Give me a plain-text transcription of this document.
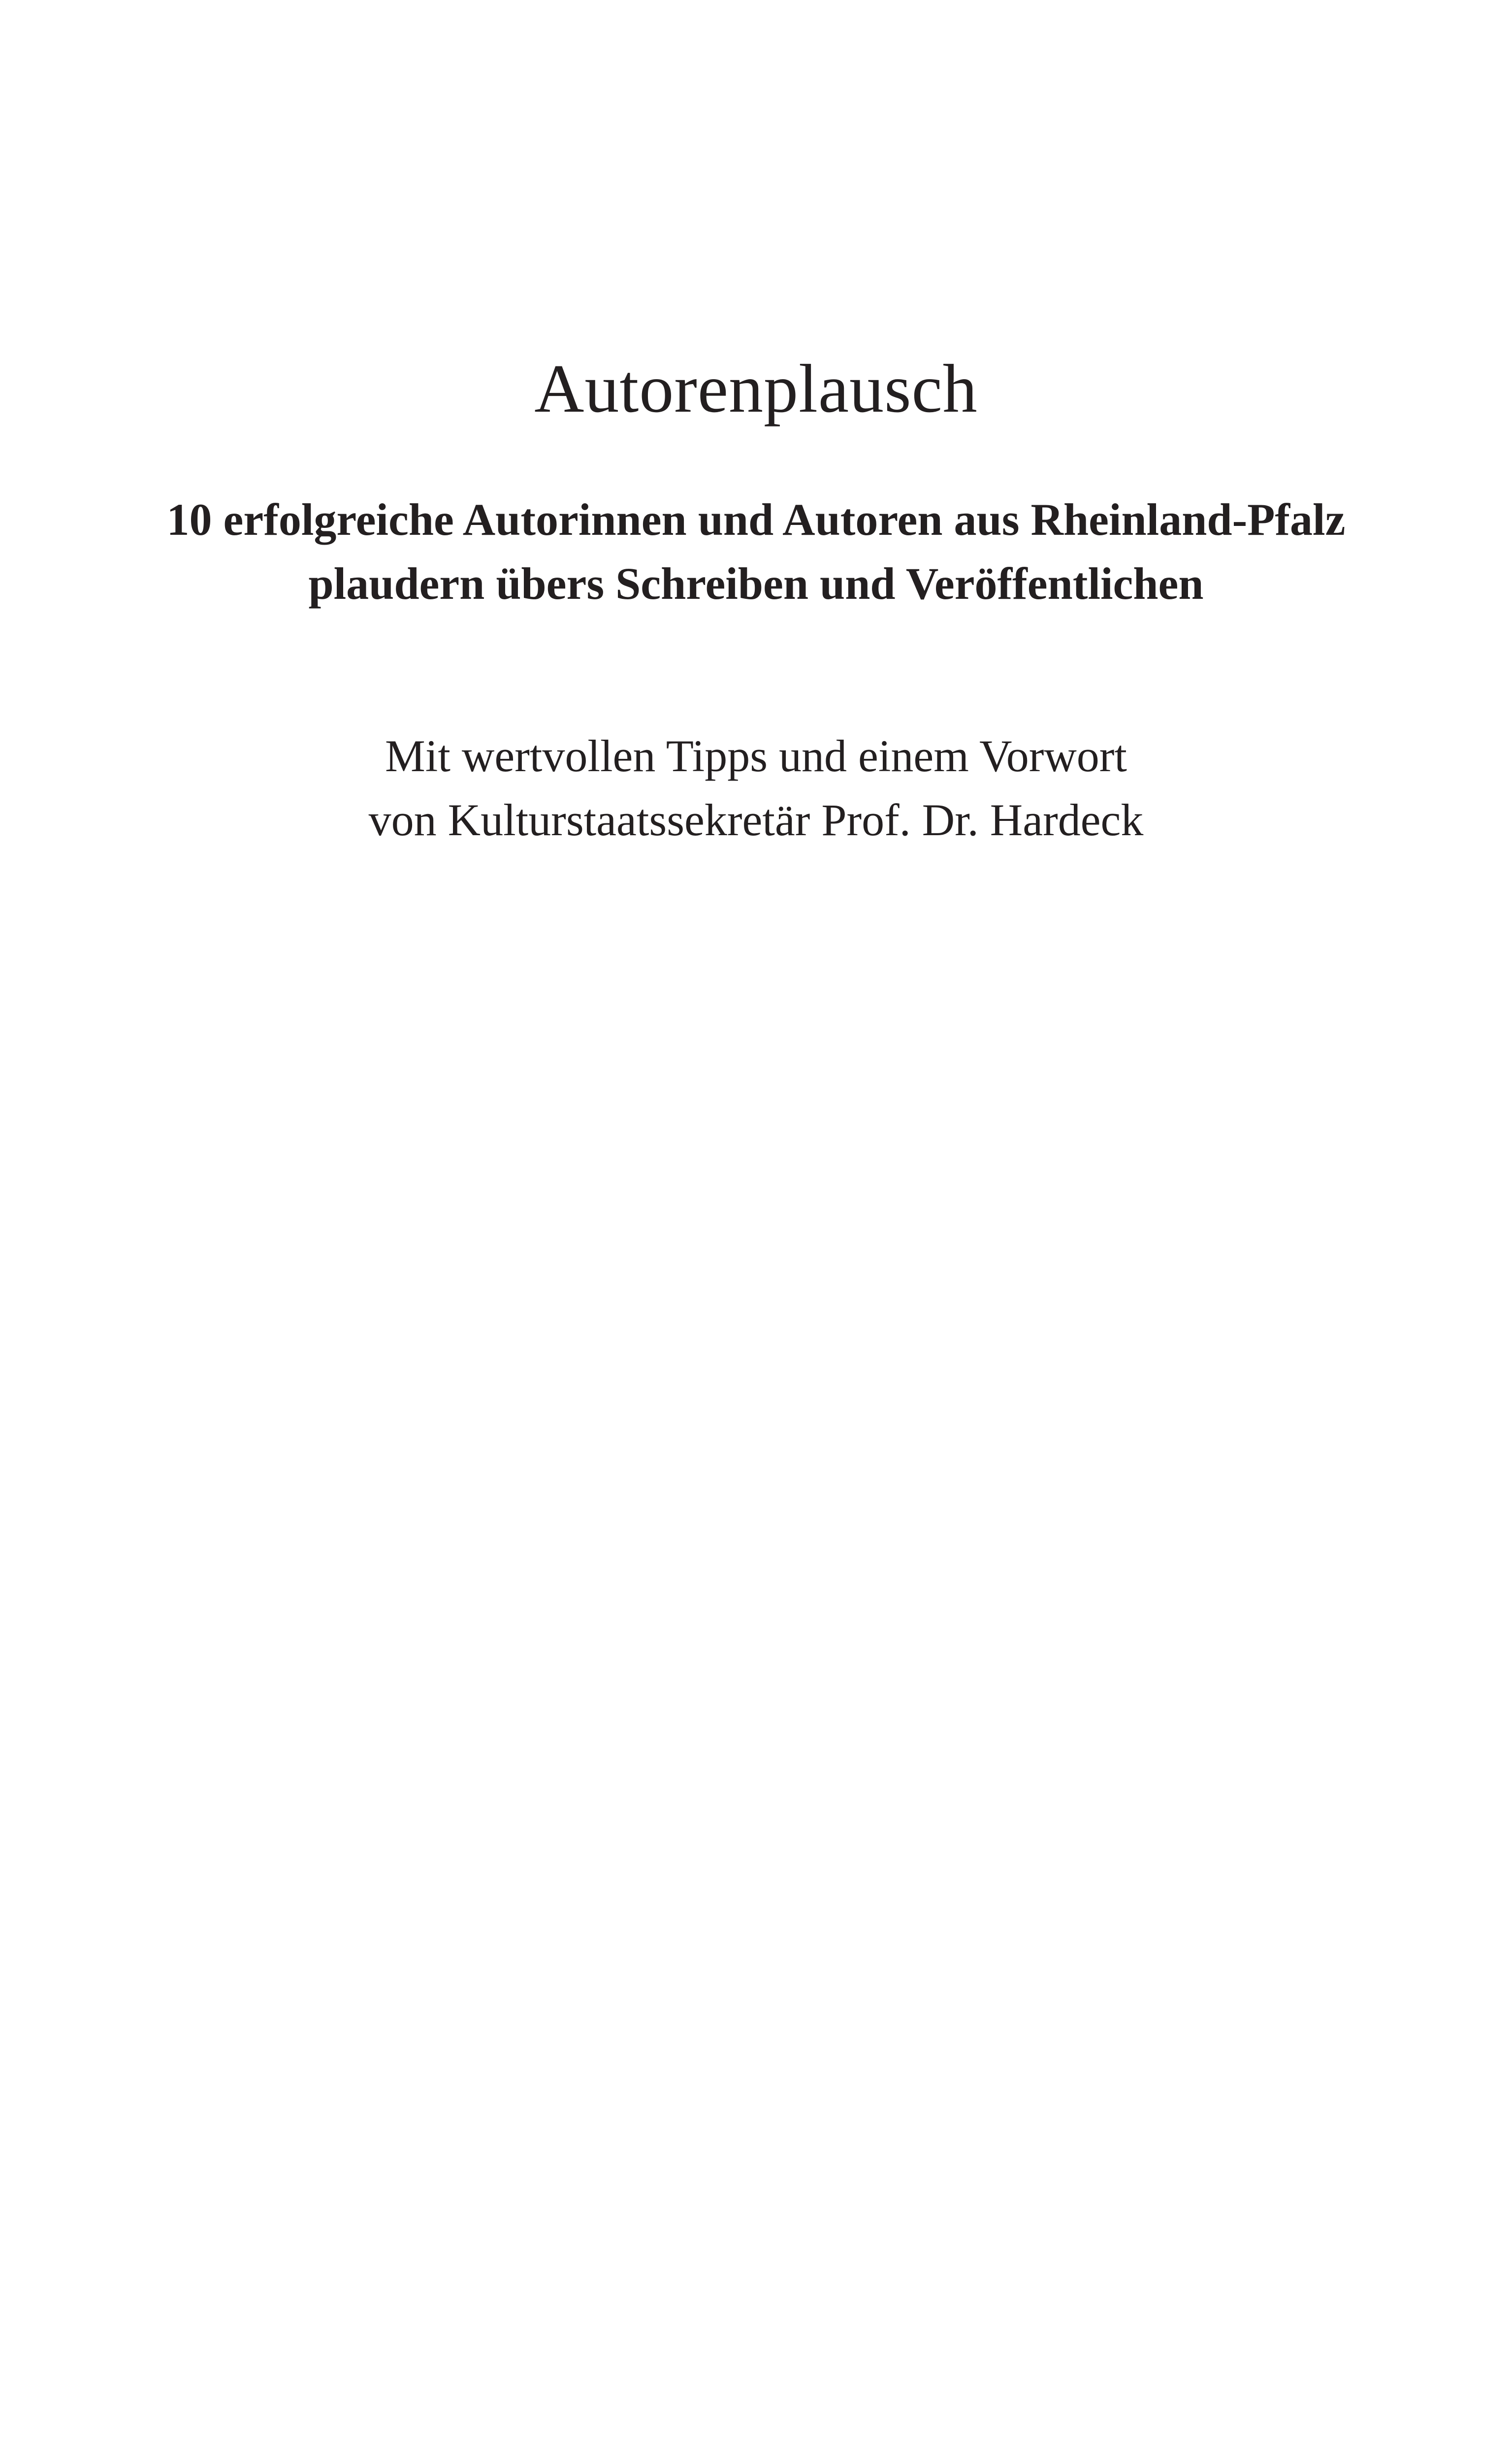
Autorenplausch

10 erfolgreiche Autorinnen und Autoren aus Rheinland-Pfalz
plaudern übers Schreiben und Veröffentlichen

Mit wertvollen Tipps und einem Vorwort
von Kulturstaatssekretär Prof. Dr. Hardeck
